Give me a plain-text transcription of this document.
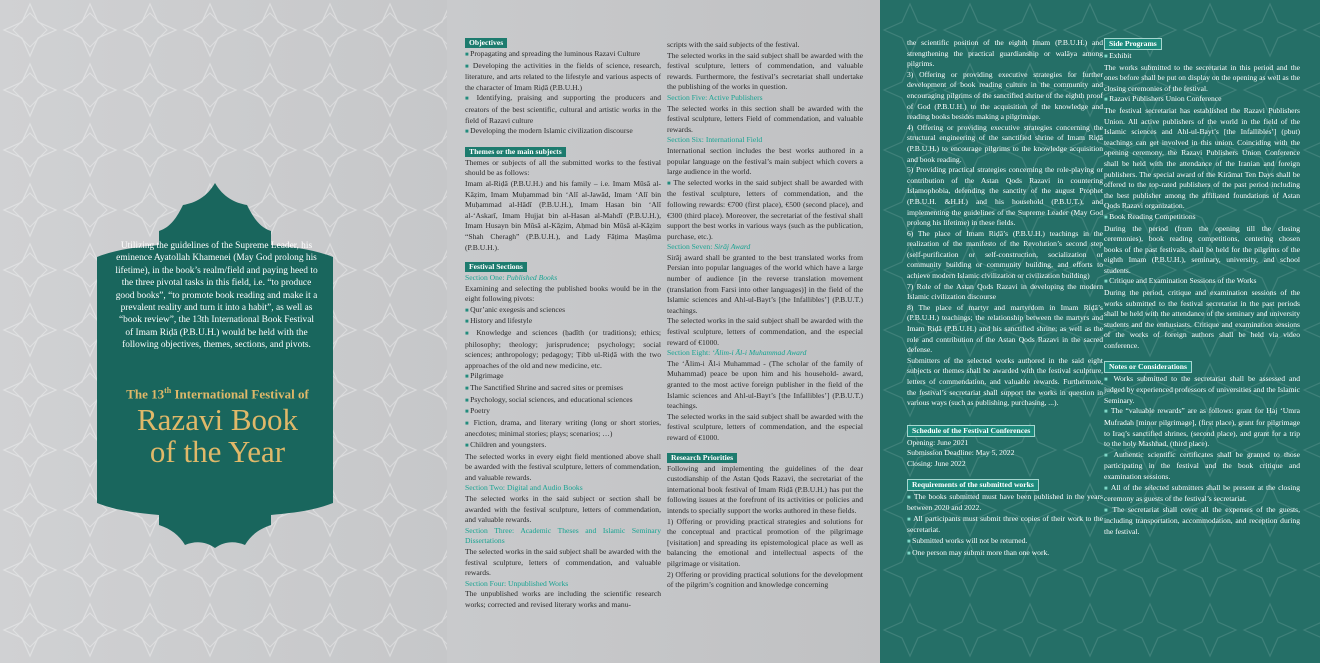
Utilizing the guidelines of the Supreme Leader, his eminence Ayatollah Khamenei (May God prolong his lifetime), in the book’s realm/field and paying heed to the three pivotal tasks in this field, i.e. “to produce good books”, “to promote book reading and make it a prevalent reality and turn it into a habit”, as well as “book review”, the 13th International Book Festival of Imam Riḍā (P.B.U.H.) would be held with the following objectives, themes, sections, and pivots.
The 13th International Festival of
Razavi Book
of the Year
Objectives
■ Propagating and spreading the luminous Razavi Culture
■ Developing the activities in the fields of science, research, literature, and arts related to the lifestyle and various aspects of the character of Imam Riḍā (P.B.U.H.)
■ Identifying, praising and supporting the producers and creators of the best scientific, cultural and artistic works in the field of Razavi culture
■ Developing the modern Islamic civilization discourse
Themes or the main subjects
Themes or subjects of all the submitted works to the festival should be as follows:
Imam al-Riḍā (P.B.U.H.) and his family – i.e. Imam Mūsā al-Kāẓim, Imam Muḥammad bin ‘Alī al-Jawād, Imam ‘Alī bin Muḥammad al-Hādī (P.B.U.H.), Imam Hasan bin ‘Alī al-‘Askarī, Imam Hujjat bin al-Hasan al-Mahdī (P.B.U.H.), Imam Husayn bin Mūsā al-Kāẓim, Aḥmad bin Mūsā al-Kāẓim “Shah Cheragh” (P.B.U.H.), and Lady Fāṭima Maṣūma (P.B.U.H.).
Festival Sections
Section One: Published Books
Examining and selecting the published books would be in the eight following pivots:
■ Qur’anic exegesis and sciences
■ History and lifestyle
■ Knowledge and sciences (ḥadīth (or traditions); ethics; philosophy; theology; jurisprudence; psychology; social sciences; anthropology; pedagogy; Ṭibb ul-Riḍā with the two approaches of the old and new medicine, etc.
■ Pilgrimage
■ The Sanctified Shrine and sacred sites or premises
■ Psychology, social sciences, and educational sciences
■ Poetry
■ Fiction, drama, and literary writing (long or short stories, anecdotes; minimal stories; plays; scenarios; …)
■ Children and youngsters.
The selected works in every eight field mentioned above shall be awarded with the festival sculpture, letters of commendation, and valuable rewards.
Section Two: Digital and Audio Books
The selected works in the said subject or section shall be awarded with the festival sculpture, letters of commendation, and valuable rewards.
Section Three: Academic Theses and Islamic Seminary Dissertations
The selected works in the said subject shall be awarded with the festival sculpture, letters of commendation, and valuable rewards.
Section Four: Unpublished Works
The unpublished works are including the scientific research works; corrected and revised literary works and manu-
scripts with the said subjects of the festival.
The selected works in the said subject shall be awarded with the festival sculpture, letters of commendation, and valuable rewards. Furthermore, the festival’s secretariat shall undertake the publishing of the works in question.
Section Five: Active Publishers
The selected works in this section shall be awarded with the festival sculpture, letters Field of commendation, and valuable rewards.
Section Six: International Field
International section includes the best works authored in a popular language on the festival’s main subject which covers a large audience in the world.
■ The selected works in the said subject shall be awarded with the festival sculpture, letters of commendation, and the following rewards: €700 (first place), €500 (second place), and €300 (third place). Moreover, the secretariat of the festival shall support the best works in various ways (such as the publication, purchase, etc.).
Section Seven: Sirāj Award
Sirāj award shall be granted to the best translated works from Persian into popular languages of the world which have a large number of audience [in the reverse translation movement (translation from Farsi into other languages)] in the field of the Islamic sciences and Ahl-ul-Bayt’s [the Infallibles’] (P.B.U.T.) teachings.
The selected works in the said subject shall be awarded with the festival sculpture, letters of commendation, and the especial reward of €1000.
Section Eight: ‘Ālim-i Āl-i Muhammad Award
The ‘Ālim-i Āl-i Muhammad - (The scholar of the family of Muhammad) peace be upon him and his household- award, granted to the most active foreign publisher in the field of the Islamic sciences and Ahl-ul-Bayt’s [the Infallibles’] (P.B.U.T.) teachings.
The selected works in the said subject shall be awarded with the festival sculpture, letters of commendation, and the especial reward of €1000.
Research Priorities
Following and implementing the guidelines of the dear custodianship of the Astan Qods Razavi, the secretariat of the international book festival of Imam Riḍā (P.B.U.H.) has put the following issues at the forefront of its activities or policies and intends to specially support the works authored in these fields.
1) Offering or providing practical strategies and solutions for the conceptual and practical promotion of the pilgrimage [visitation] and spreading its epistemological place as well as balancing the emotional and intellectual aspects of the pilgrimage or visitation.
2) Offering or providing practical solutions for the development of the pilgrim’s cognition and knowledge concerning
the scientific position of the eighth Imam (P.B.U.H.) and strengthening the practical guardianship or walāya among pilgrims.
3) Offering or providing executive strategies for further development of book reading culture in the community and encouraging pilgrims of the sanctified shrine of the eighth proof of God (P.B.U.H.) to the acquisition of the knowledge and reading books besides making a pilgrimage.
4) Offering or providing executive strategies concerning the structural engineering of the sanctified shrine of Imam Riḍā (P.B.U.H.) to encourage pilgrims to the knowledge acquisition and book reading.
5) Providing practical strategies concerning the role-playing or contribution of the Astan Qods Razavi in countering Islamophobia, defending the sanctity of the august Prophet (P.B.U.H. &H.H.) and his household (P.B.U.T.), and implementing the guidelines of the Supreme Leader (May God prolong his lifetime) in these fields.
6) The place of Imam Riḍā’s (P.B.U.H.) teachings in the realization of the manifesto of the Revolution’s second step (self-purification or self-construction, socialization or community building or community building, and efforts to achieve modern Islamic civilization or civilization building)
7) Role of the Astan Qods Razavi in developing the modern Islamic civilization discourse
8) The place of martyr and martyrdom in Imam Riḍā’s (P.B.U.H.) teachings; the relationship between the martyrs and Imam Riḍā (P.B.U.H.) and his sanctified shrine; as well as the role and contribution of the Astan Qods Razavi in the sacred defense.
Submitters of the selected works authored in the said eight subjects or themes shall be awarded with the festival sculpture, letters of commendation, and valuable rewards. Furthermore, the festival’s secretariat shall support the works in question in various ways (such as publishing, purchasing, ...).
Schedule of the Festival Conferences
Opening: June 2021
Submission Deadline: May 5, 2022
Closing: June 2022
Requirements of the submitted works
■ The books submitted must have been published in the years between 2020 and 2022.
■ All participants must submit three copies of their work to the secretariat.
■ Submitted works will not be returned.
■ One person may submit more than one work.
Side Programs
■ Exhibit
The works submitted to the secretariat in this period and the ones before shall be put on display on the opening as well as the closing ceremonies of the festival.
■ Razavi Publishers Union Conference
The festival secretariat has established the Razavi Publishers Union. All active publishers of the world in the field of the Islamic sciences and Ahl-ul-Bayt’s [the Infallibles’] (pbut) teachings can get involved in this union. Coinciding with the opening ceremony, the Razavi Publishers Union Conference shall be held with the attendance of the Iranian and foreign publishers. The special award of the Kirāmat Ten Days shall be offered to the top-rated publishers of the past period including the best publisher among the affiliated foundations of Astan Qods Razavi organization.
■ Book Reading Competitions
During the period (from the opening till the closing ceremonies), book reading competitions, centering chosen books of the past festivals, shall be held for the pilgrims of the eighth Imam (P.B.U.H.), seminary, university, and school students.
■ Critique and Examination Sessions of the Works
During the period, critique and examination sessions of the works submitted to the festival secretariat in the past periods shall be held with the attendance of the seminary and university students and the enthusiasts. Critique and examination sessions of the works of foreign authors shall be held via video conference.
Notes or Considerations
■ Works submitted to the secretariat shall be assessed and judged by experienced professors of universities and the Islamic Seminary.
■ The “valuable rewards” are as follows: grant for Haj ‘Umra Mufradah [minor pilgrimage], (first place), grant for pilgrimage to Iraq’s sanctified shrines, (second place), and grant for a trip to the holy Mashhad, (third place).
■ Authentic scientific certificates shall be granted to those participating in the festival and the book critique and examination sessions.
■ All of the selected submitters shall be present at the closing ceremony as guests of the festival’s secretariat.
■ The secretariat shall cover all the expenses of the guests, including transportation, accommodation, and reception during the festival.
